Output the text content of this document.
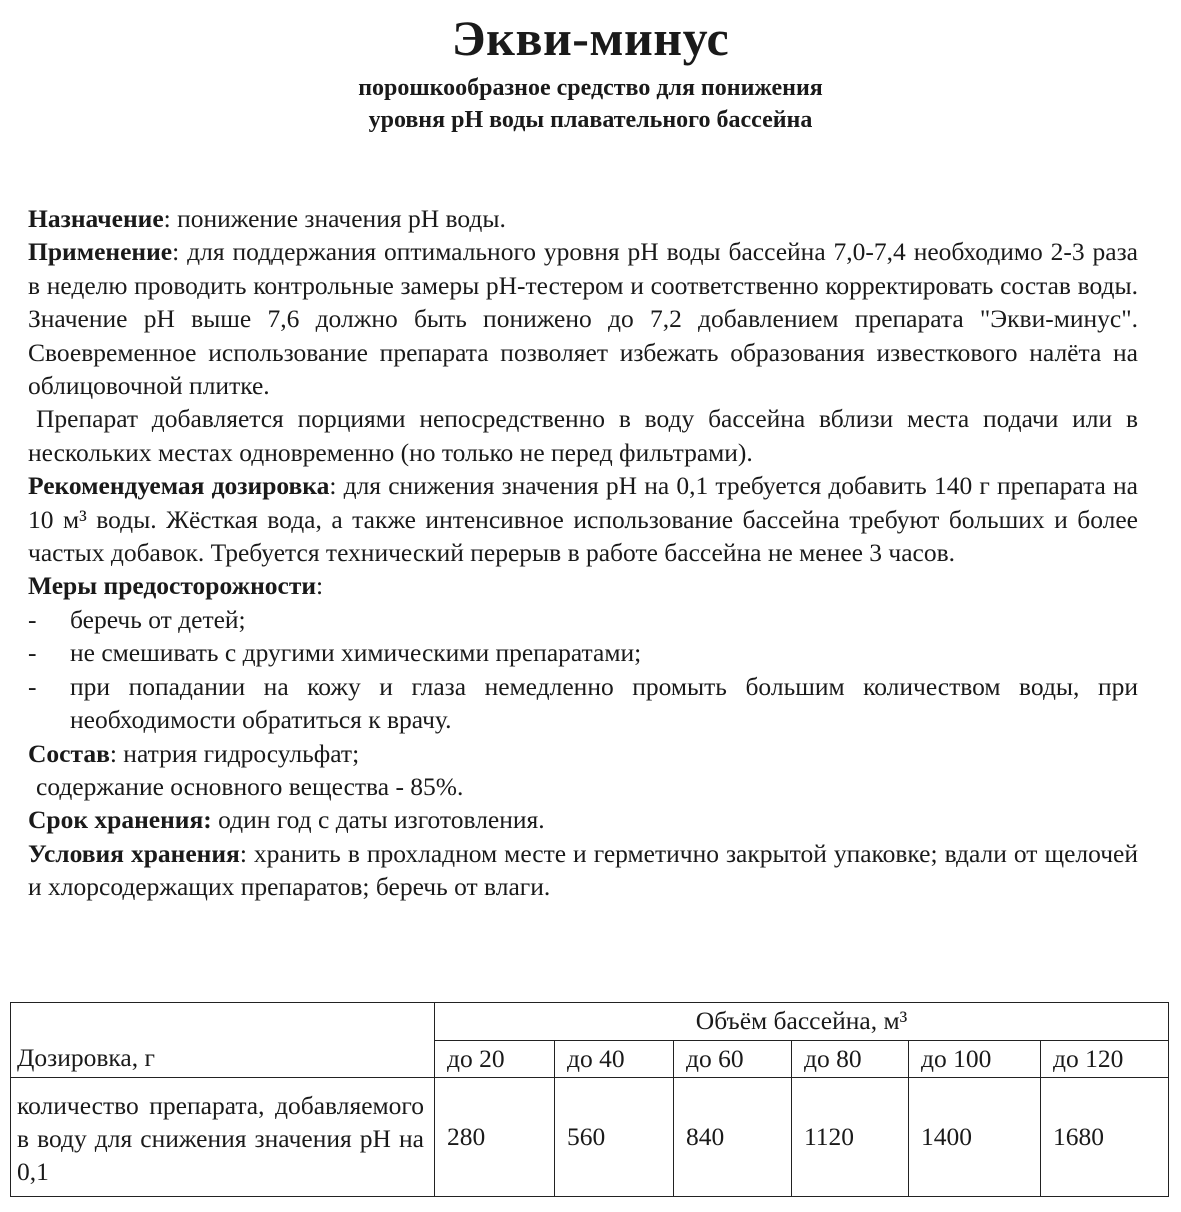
Экви-минус
порошкообразное средство для понижения
уровня pH воды плавательного бассейна

Назначение: понижение значения pH воды.

Применение: для поддержания оптимального уровня pH воды бассейна 7,0-7,4 необходимо 2-3 раза в неделю проводить контрольные замеры pH-тестером и соответственно корректировать состав воды. Значение pH выше 7,6 должно быть понижено до 7,2 добавлением препарата "Экви-минус". Своевременное использование препарата позволяет избежать образования известкового налёта на облицовочной плитке.

Препарат добавляется порциями непосредственно в воду бассейна вблизи места подачи или в нескольких местах одновременно (но только не перед фильтрами).

Рекомендуемая дозировка: для снижения значения pH на 0,1 требуется добавить 140 г препарата на 10 м³ воды. Жёсткая вода, а также интенсивное использование бассейна требуют больших и более частых добавок. Требуется технический перерыв в работе бассейна не менее 3 часов.

Меры предосторожности:

-	беречь от детей;
-	не смешивать с другими химическими препаратами;
-	при попадании на кожу и глаза немедленно промыть большим количеством воды, при необходимости обратиться к врачу.

Состав: натрия гидросульфат;

содержание основного вещества - 85%.

Срок хранения: один год с даты изготовления.

Условия хранения: хранить в прохладном месте и герметично закрытой упаковке; вдали от щелочей и хлорсодержащих препаратов; беречь от влаги.

Дозировка, г	Объём бассейна, м³					
	до 20	до 40	до 60	до 80	до 100	до 120
количество препарата, добавляемого в воду для снижения значения pH на 0,1	280	560	840	1120	1400	1680
